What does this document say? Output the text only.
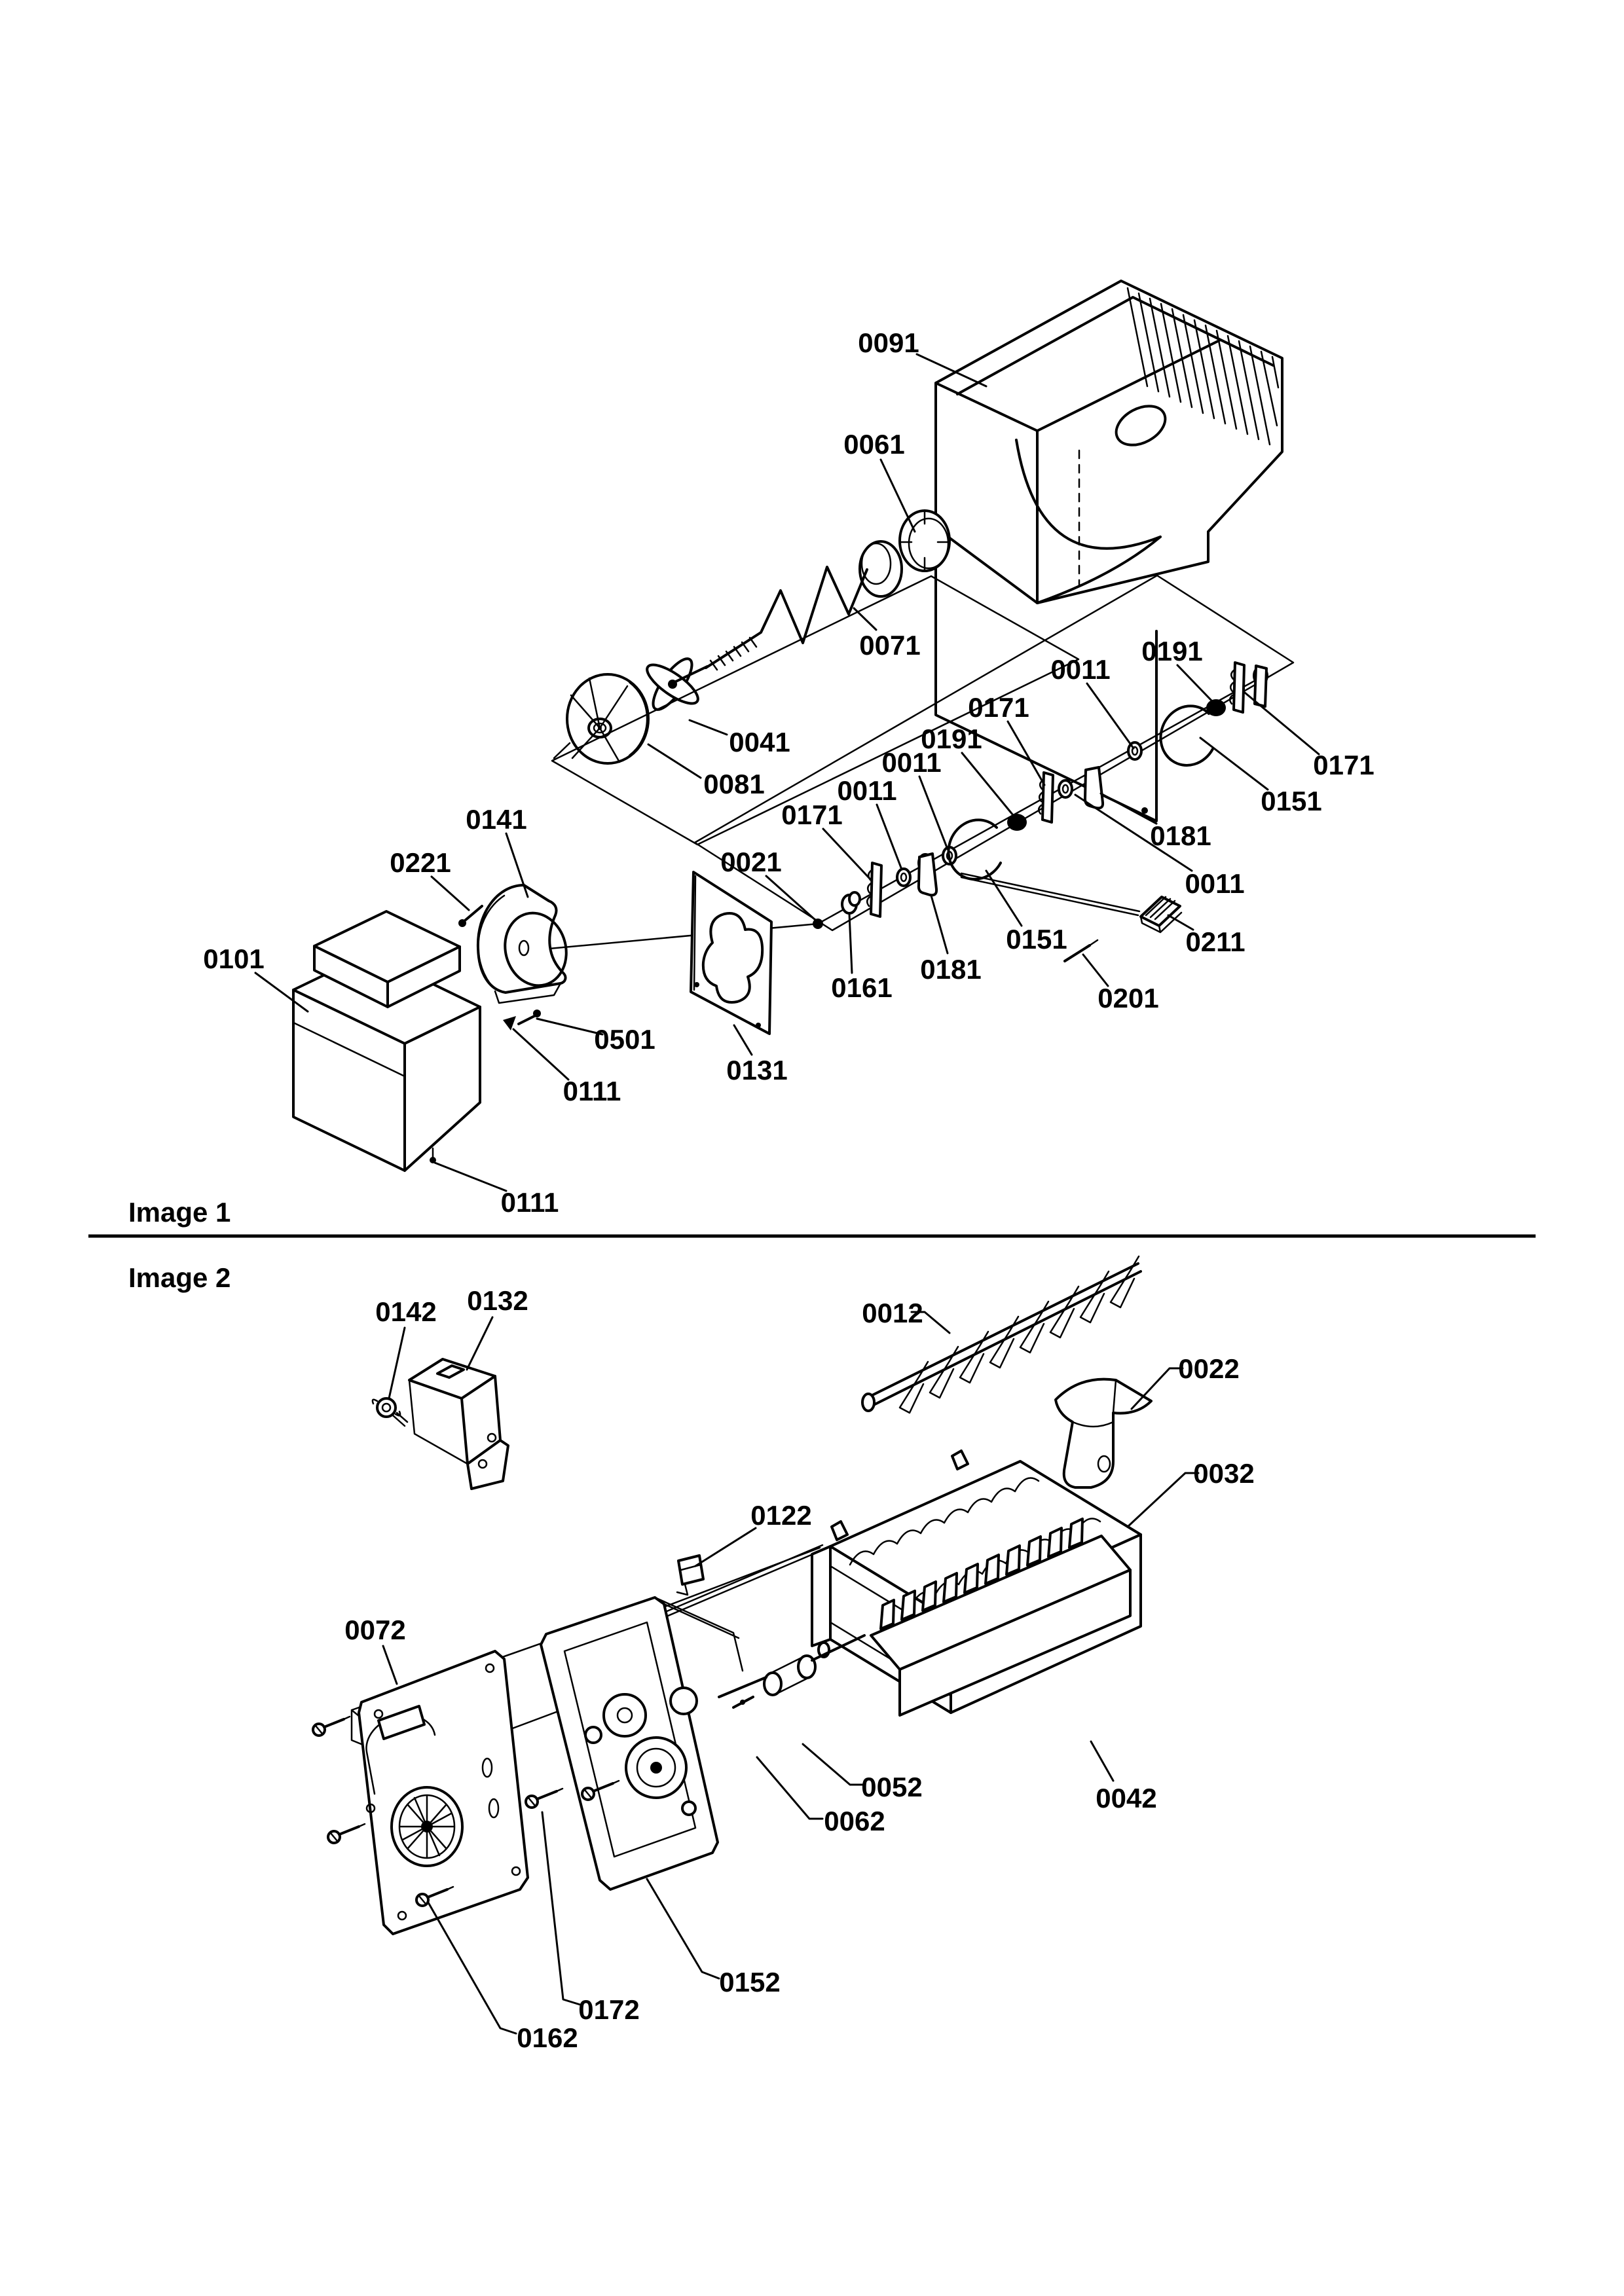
0091
0061
0071
0041
0081
0011
0191
0171
0151
0181
0011
0211
0201
0151
0181
0161
0011
0011
0171
0191
0171
0021
0141
0221
0101
0501
0111
0111
0131
Image 1
Image 2
0142 0132	0012
0022
0032
0122
0072
0052
0062
0042
0152
0172
0162
